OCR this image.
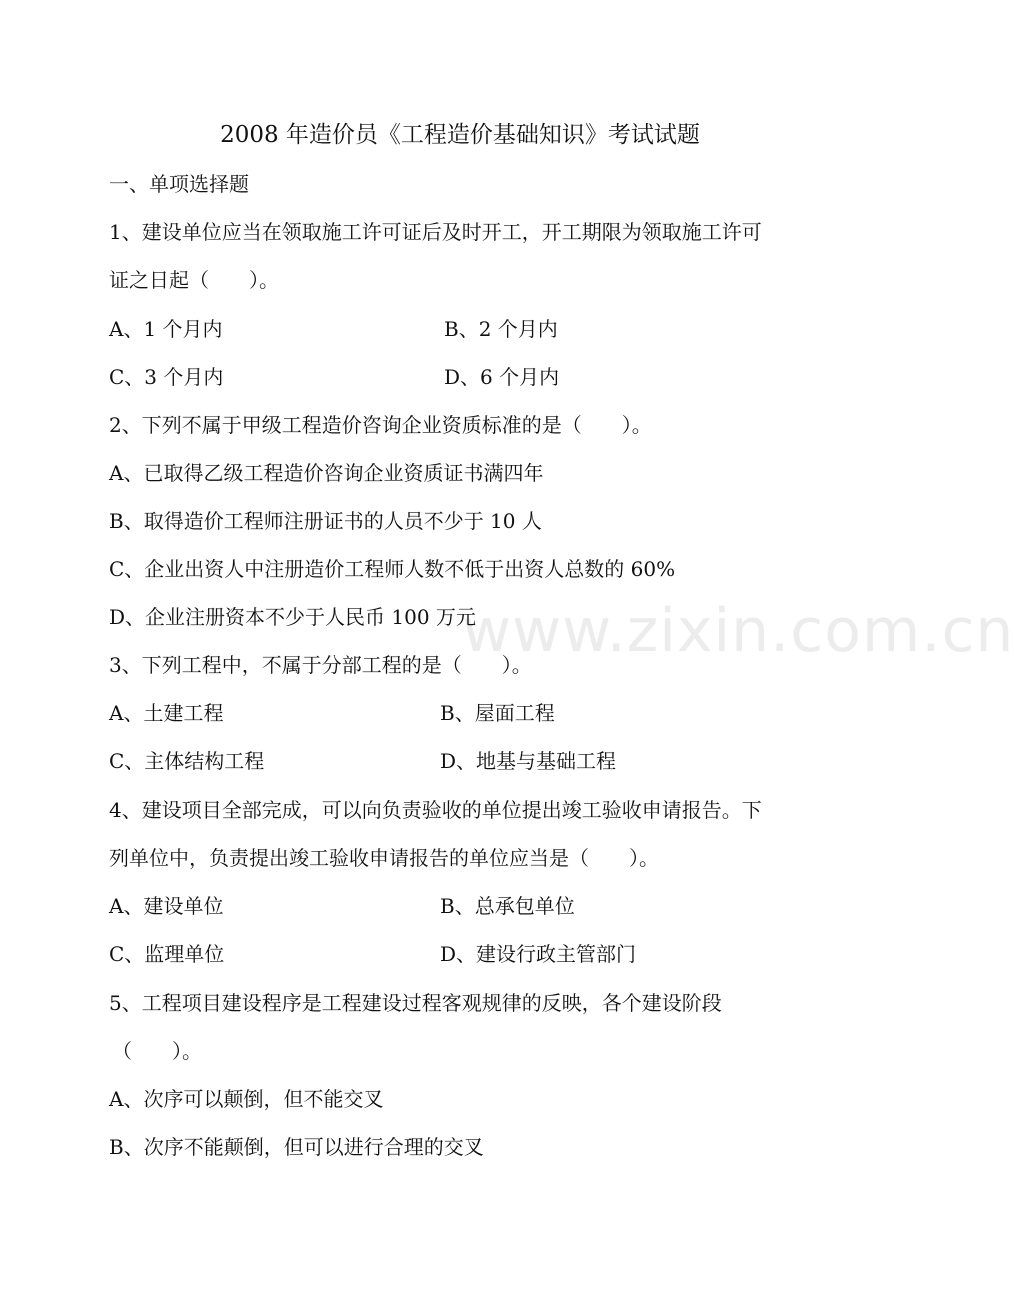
www.zixin.com.cn
2008 年造价员《工程造价基础知识》考试试题
一、单项选择题
1、建设单位应当在领取施工许可证后及时开工，开工期限为领取施工许可
证之日起（　　）。
A、1 个月内	B、2 个月内
C、3 个月内	D、6 个月内
2、下列不属于甲级工程造价咨询企业资质标准的是（　　）。
A、已取得乙级工程造价咨询企业资质证书满四年
B、取得造价工程师注册证书的人员不少于 10 人
C、企业出资人中注册造价工程师人数不低于出资人总数的 60%
D、企业注册资本不少于人民币 100 万元
3、下列工程中，不属于分部工程的是（　　）。
A、土建工程	B、屋面工程
C、主体结构工程	D、地基与基础工程
4、建设项目全部完成，可以向负责验收的单位提出竣工验收申请报告。下
列单位中，负责提出竣工验收申请报告的单位应当是（　　）。
A、建设单位	B、总承包单位
C、监理单位	D、建设行政主管部门
5、工程项目建设程序是工程建设过程客观规律的反映，各个建设阶段
（　　）。
A、次序可以颠倒，但不能交叉
B、次序不能颠倒，但可以进行合理的交叉
